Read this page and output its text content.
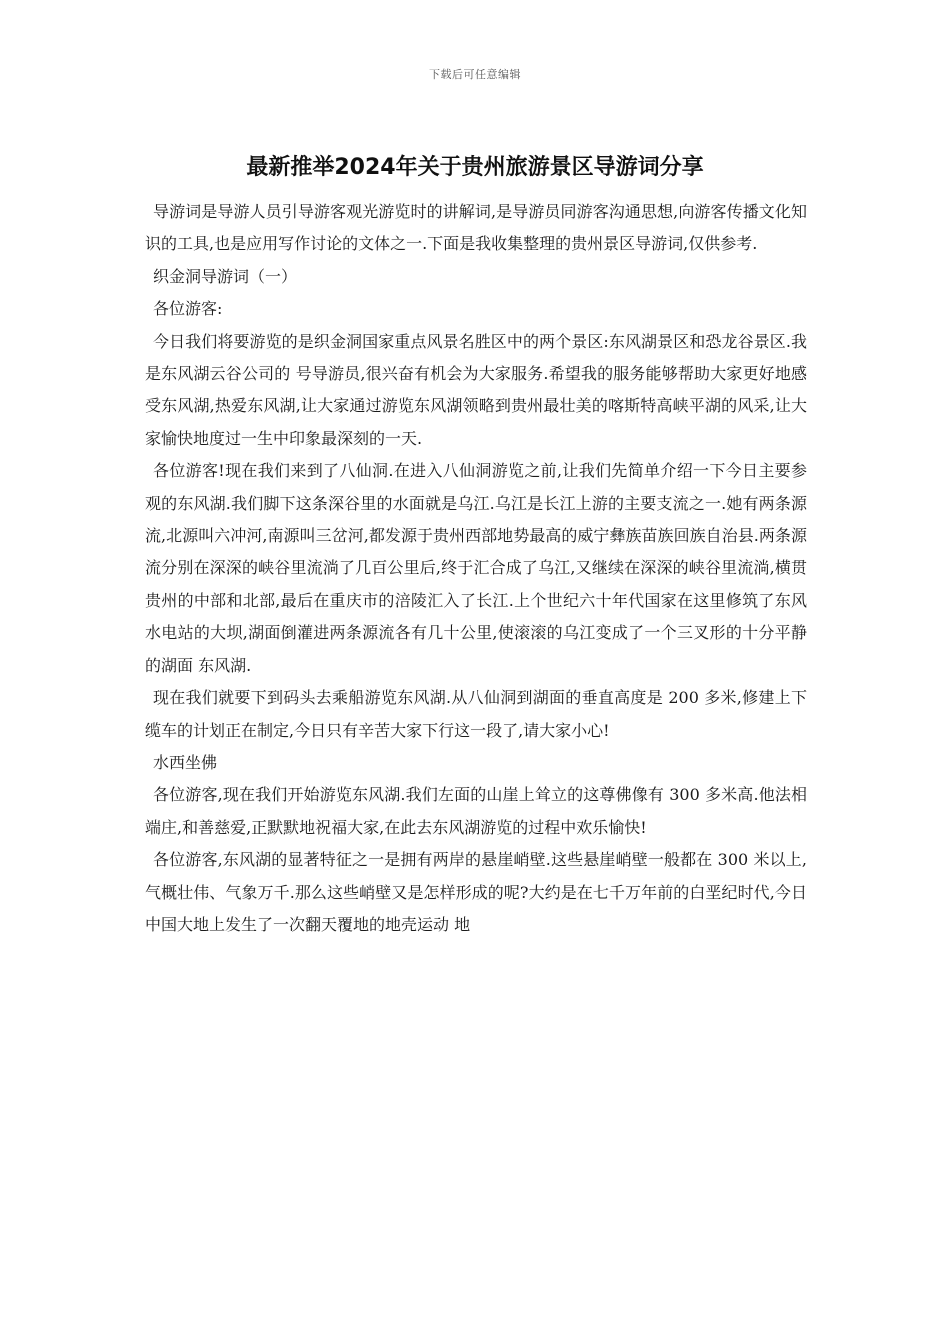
下载后可任意编辑
最新推举2024年关于贵州旅游景区导游词分享

导游词是导游人员引导游客观光游览时的讲解词,是导游员同游客沟通思想,向游客传播文化知识的工具,也是应用写作讨论的文体之一.下面是我收集整理的贵州景区导游词,仅供参考.

织金洞导游词（一）

各位游客:

今日我们将要游览的是织金洞国家重点风景名胜区中的两个景区:东风湖景区和恐龙谷景区.我是东风湖云谷公司的 号导游员,很兴奋有机会为大家服务.希望我的服务能够帮助大家更好地感受东风湖,热爱东风湖,让大家通过游览东风湖领略到贵州最壮美的喀斯特高峡平湖的风采,让大家愉快地度过一生中印象最深刻的一天.

各位游客!现在我们来到了八仙洞.在进入八仙洞游览之前,让我们先简单介绍一下今日主要参观的东风湖.我们脚下这条深谷里的水面就是乌江.乌江是长江上游的主要支流之一.她有两条源流,北源叫六冲河,南源叫三岔河,都发源于贵州西部地势最高的威宁彝族苗族回族自治县.两条源流分别在深深的峡谷里流淌了几百公里后,终于汇合成了乌江,又继续在深深的峡谷里流淌,横贯贵州的中部和北部,最后在重庆市的涪陵汇入了长江.上个世纪六十年代国家在这里修筑了东风水电站的大坝,湖面倒灌进两条源流各有几十公里,使滚滚的乌江变成了一个三叉形的十分平静的湖面 东风湖.

现在我们就要下到码头去乘船游览东风湖.从八仙洞到湖面的垂直高度是 200 多米,修建上下缆车的计划正在制定,今日只有辛苦大家下行这一段了,请大家小心!

水西坐佛

各位游客,现在我们开始游览东风湖.我们左面的山崖上耸立的这尊佛像有 300 多米高.他法相端庄,和善慈爱,正默默地祝福大家,在此去东风湖游览的过程中欢乐愉快!

各位游客,东风湖的显著特征之一是拥有两岸的悬崖峭壁.这些悬崖峭壁一般都在 300 米以上,气概壮伟、气象万千.那么这些峭壁又是怎样形成的呢?大约是在七千万年前的白垩纪时代,今日中国大地上发生了一次翻天覆地的地壳运动 地
